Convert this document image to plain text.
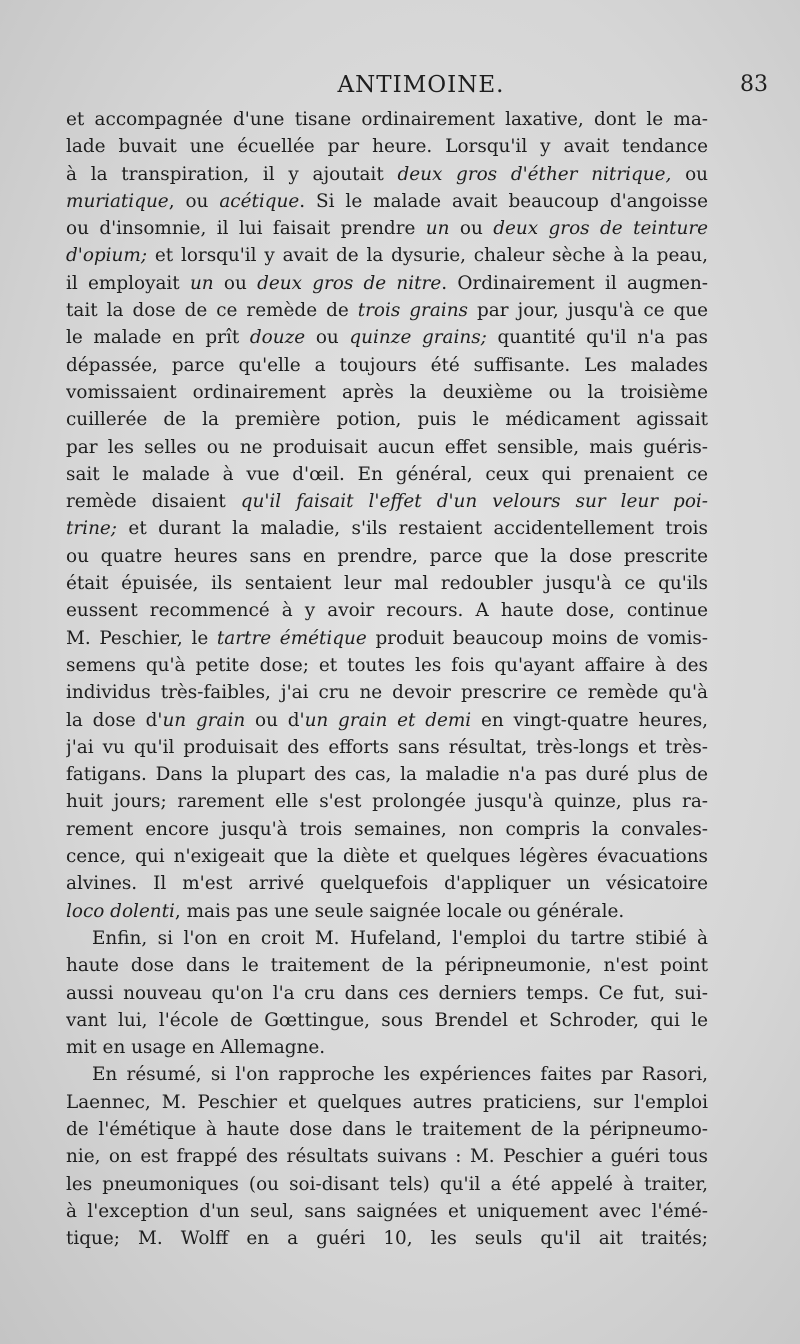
ANTIMOINE.	83
et accompagnée d'une tisane ordinairement laxative, dont le ma-
lade buvait une écuellée par heure. Lorsqu'il y avait tendance
à la transpiration, il y ajoutait deux gros d'éther nitrique, ou
muriatique, ou acétique. Si le malade avait beaucoup d'angoisse
ou d'insomnie, il lui faisait prendre un ou deux gros de teinture
d'opium; et lorsqu'il y avait de la dysurie, chaleur sèche à la peau,
il employait un ou deux gros de nitre. Ordinairement il augmen-
tait la dose de ce remède de trois grains par jour, jusqu'à ce que
le malade en prît douze ou quinze grains; quantité qu'il n'a pas
dépassée, parce qu'elle a toujours été suffisante. Les malades
vomissaient ordinairement après la deuxième ou la troisième
cuillerée de la première potion, puis le médicament agissait
par les selles ou ne produisait aucun effet sensible, mais guéris-
sait le malade à vue d'œil. En général, ceux qui prenaient ce
remède disaient qu'il faisait l'effet d'un velours sur leur poi-
trine; et durant la maladie, s'ils restaient accidentellement trois
ou quatre heures sans en prendre, parce que la dose prescrite
était épuisée, ils sentaient leur mal redoubler jusqu'à ce qu'ils
eussent recommencé à y avoir recours. A haute dose, continue
M. Peschier, le tartre émétique produit beaucoup moins de vomis-
semens qu'à petite dose; et toutes les fois qu'ayant affaire à des
individus très-faibles, j'ai cru ne devoir prescrire ce remède qu'à
la dose d'un grain ou d'un grain et demi en vingt-quatre heures,
j'ai vu qu'il produisait des efforts sans résultat, très-longs et très-
fatigans. Dans la plupart des cas, la maladie n'a pas duré plus de
huit jours; rarement elle s'est prolongée jusqu'à quinze, plus ra-
rement encore jusqu'à trois semaines, non compris la convales-
cence, qui n'exigeait que la diète et quelques légères évacuations
alvines. Il m'est arrivé quelquefois d'appliquer un vésicatoire
loco dolenti, mais pas une seule saignée locale ou générale.
Enfin, si l'on en croit M. Hufeland, l'emploi du tartre stibié à
haute dose dans le traitement de la péripneumonie, n'est point
aussi nouveau qu'on l'a cru dans ces derniers temps. Ce fut, sui-
vant lui, l'école de Gœttingue, sous Brendel et Schroder, qui le
mit en usage en Allemagne.
En résumé, si l'on rapproche les expériences faites par Rasori,
Laennec, M. Peschier et quelques autres praticiens, sur l'emploi
de l'émétique à haute dose dans le traitement de la péripneumo-
nie, on est frappé des résultats suivans : M. Peschier a guéri tous
les pneumoniques (ou soi-disant tels) qu'il a été appelé à traiter,
à l'exception d'un seul, sans saignées et uniquement avec l'émé-
tique; M. Wolff en a guéri 10, les seuls qu'il ait traités;
